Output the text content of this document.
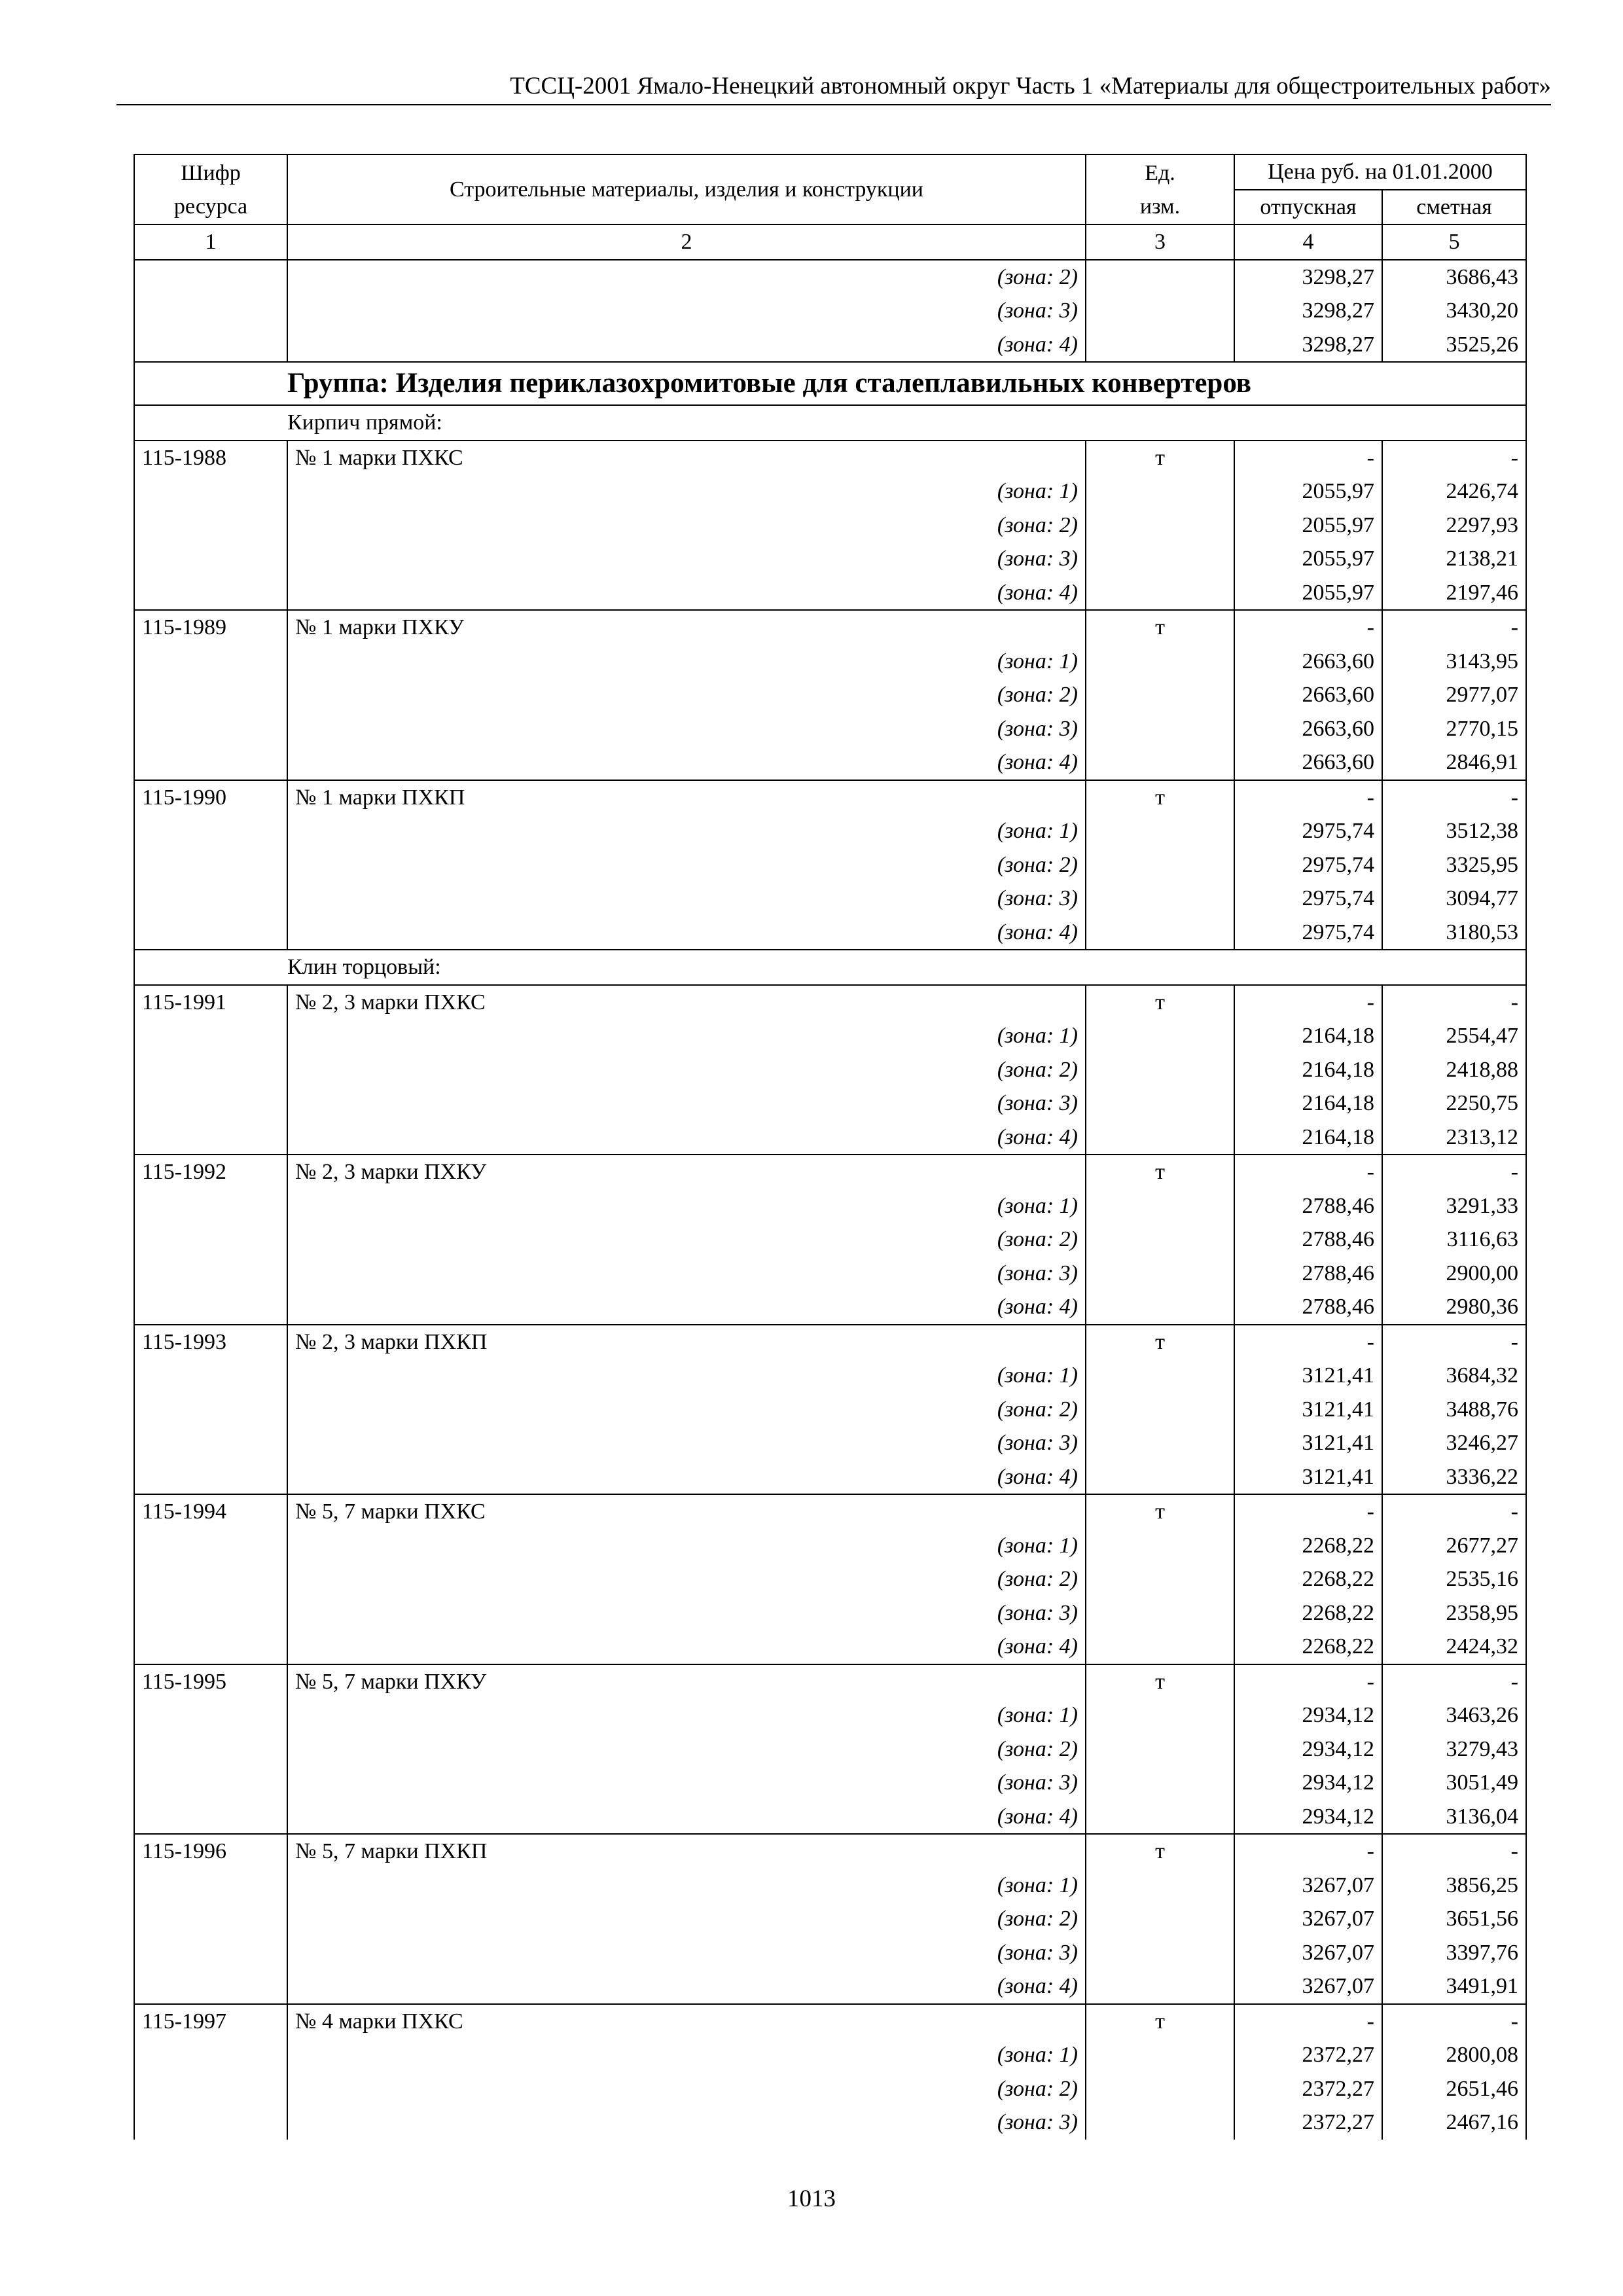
ТССЦ-2001 Ямало-Ненецкий автономный округ Часть 1 «Материалы для общестроительных работ»
Шифр ресурса	Строительные материалы, изделия и конструкции	Ед. изм.	Цена руб. на 01.01.2000	
			отпускная	сметная
1	2	3	4	5
	(зона: 2)		3298,27	3686,43
	(зона: 3)		3298,27	3430,20
	(зона: 4)		3298,27	3525,26
Группа: Изделия периклазохромитовые для сталеплавильных конвертеров				
Кирпич прямой:				
115-1988	№ 1 марки ПХКС	т	-	-
	(зона: 1)		2055,97	2426,74
	(зона: 2)		2055,97	2297,93
	(зона: 3)		2055,97	2138,21
	(зона: 4)		2055,97	2197,46
115-1989	№ 1 марки ПХКУ	т	-	-
	(зона: 1)		2663,60	3143,95
	(зона: 2)		2663,60	2977,07
	(зона: 3)		2663,60	2770,15
	(зона: 4)		2663,60	2846,91
115-1990	№ 1 марки ПХКП	т	-	-
	(зона: 1)		2975,74	3512,38
	(зона: 2)		2975,74	3325,95
	(зона: 3)		2975,74	3094,77
	(зона: 4)		2975,74	3180,53
Клин торцовый:				
115-1991	№ 2, 3 марки ПХКС	т	-	-
	(зона: 1)		2164,18	2554,47
	(зона: 2)		2164,18	2418,88
	(зона: 3)		2164,18	2250,75
	(зона: 4)		2164,18	2313,12
115-1992	№ 2, 3 марки ПХКУ	т	-	-
	(зона: 1)		2788,46	3291,33
	(зона: 2)		2788,46	3116,63
	(зона: 3)		2788,46	2900,00
	(зона: 4)		2788,46	2980,36
115-1993	№ 2, 3 марки ПХКП	т	-	-
	(зона: 1)		3121,41	3684,32
	(зона: 2)		3121,41	3488,76
	(зона: 3)		3121,41	3246,27
	(зона: 4)		3121,41	3336,22
115-1994	№ 5, 7 марки ПХКС	т	-	-
	(зона: 1)		2268,22	2677,27
	(зона: 2)		2268,22	2535,16
	(зона: 3)		2268,22	2358,95
	(зона: 4)		2268,22	2424,32
115-1995	№ 5, 7 марки ПХКУ	т	-	-
	(зона: 1)		2934,12	3463,26
	(зона: 2)		2934,12	3279,43
	(зона: 3)		2934,12	3051,49
	(зона: 4)		2934,12	3136,04
115-1996	№ 5, 7 марки ПХКП	т	-	-
	(зона: 1)		3267,07	3856,25
	(зона: 2)		3267,07	3651,56
	(зона: 3)		3267,07	3397,76
	(зона: 4)		3267,07	3491,91
115-1997	№ 4 марки ПХКС	т	-	-
	(зона: 1)		2372,27	2800,08
	(зона: 2)		2372,27	2651,46
	(зона: 3)		2372,27	2467,16
1013
